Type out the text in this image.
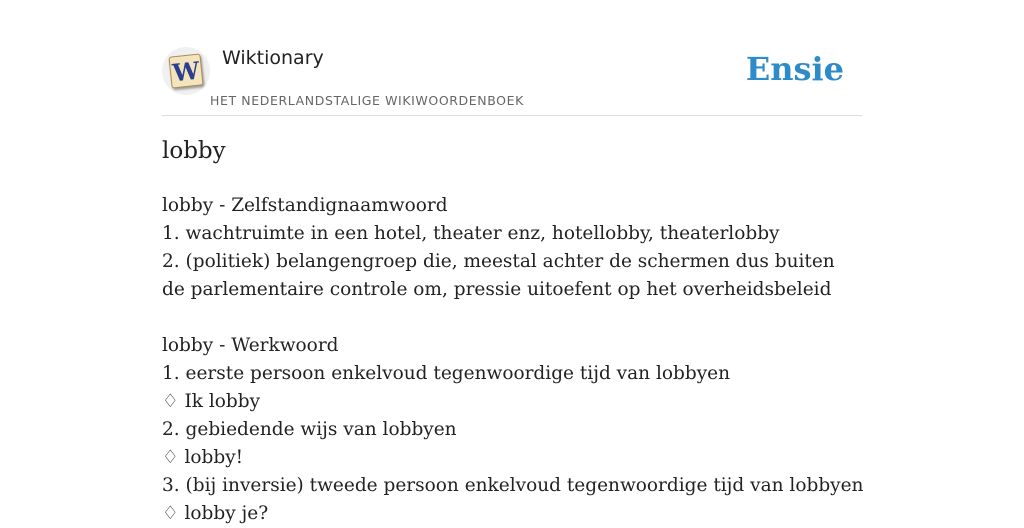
W Wiktionary
HET NEDERLANDSTALIGE WIKIWOORDENBOEK
Ensie
lobby
lobby - Zelfstandignaamwoord
1. wachtruimte in een hotel, theater enz, hotellobby, theaterlobby
2. (politiek) belangengroep die, meestal achter de schermen dus buiten de parlementaire controle om, pressie uitoefent op het overheidsbeleid
lobby - Werkwoord
1. eerste persoon enkelvoud tegenwoordige tijd van lobbyen
♢ Ik lobby
2. gebiedende wijs van lobbyen
♢ lobby!
3. (bij inversie) tweede persoon enkelvoud tegenwoordige tijd van lobbyen
♢ lobby je?
